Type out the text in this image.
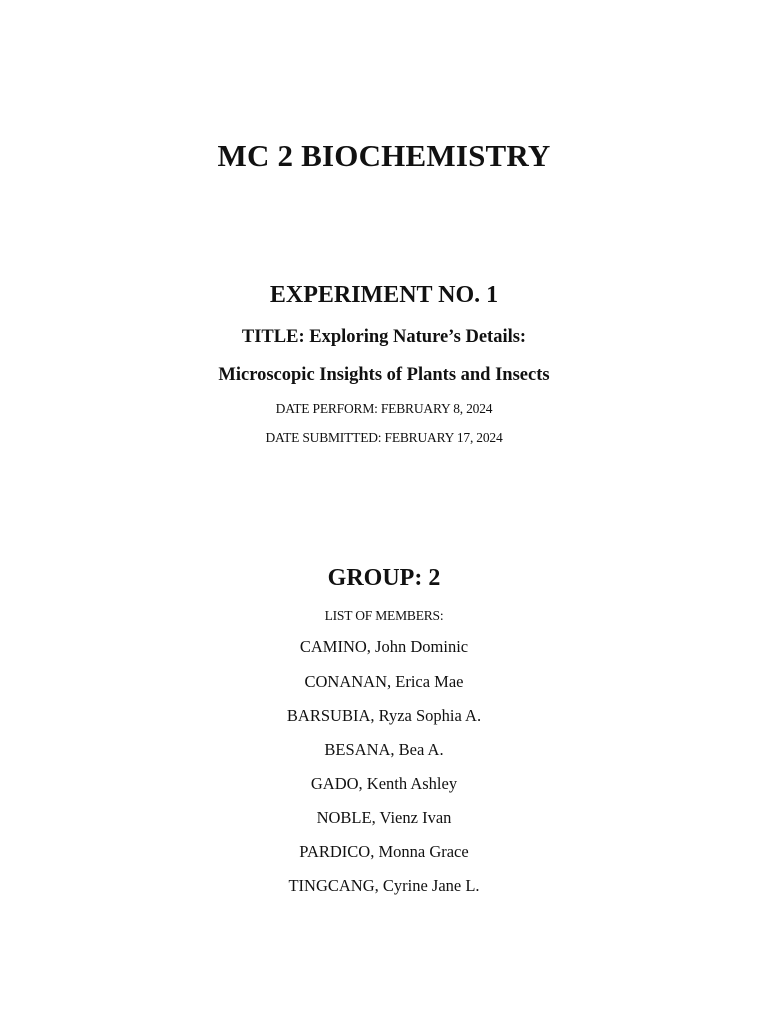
MC 2 BIOCHEMISTRY
EXPERIMENT NO. 1
TITLE: Exploring Nature’s Details:
Microscopic Insights of Plants and Insects
DATE PERFORM: FEBRUARY 8, 2024
DATE SUBMITTED: FEBRUARY 17, 2024
GROUP: 2
LIST OF MEMBERS:
CAMINO, John Dominic
CONANAN, Erica Mae
BARSUBIA, Ryza Sophia A.
BESANA, Bea A.
GADO, Kenth Ashley
NOBLE, Vienz Ivan
PARDICO, Monna Grace
TINGCANG, Cyrine Jane L.
